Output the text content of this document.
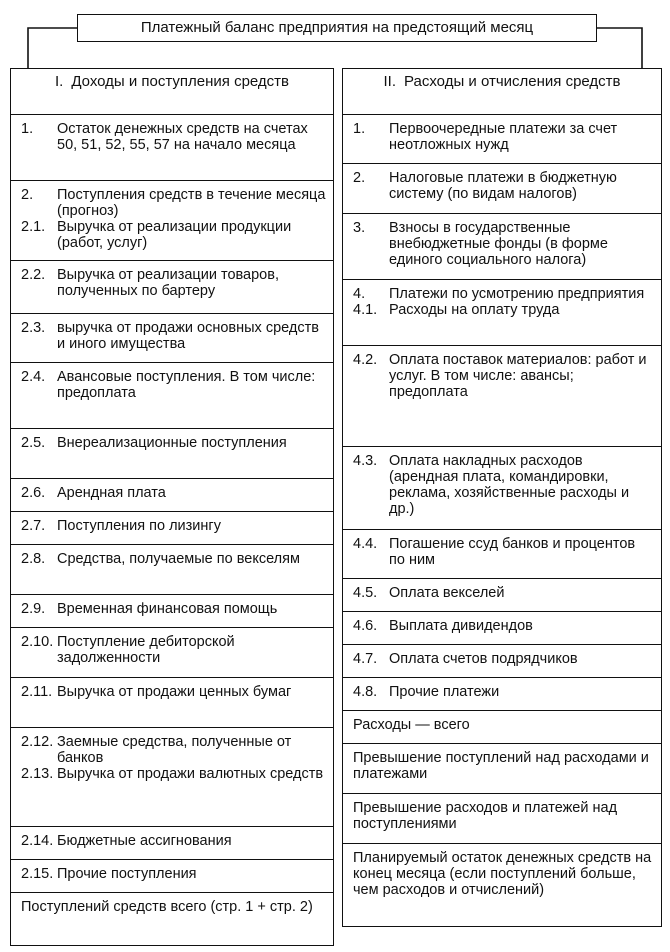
Платежный баланс предприятия на предстоящий месяц
I. Доходы и поступления средств
1.	Остаток денежных средств на счетах 50, 51, 52, 55, 57 на начало месяца
2.	Поступления средств в течение месяца (прогноз)
2.1. Выручка от реализации продукции (работ, услуг)
2.2. Выручка от реализации товаров, полученных по бартеру
2.3. выручка от продажи основных средств и иного имущества
2.4. Авансовые поступления. В том числе: предоплата
2.5. Внереализационные поступления
2.6. Арендная плата
2.7. Поступления по лизингу
2.8. Средства, получаемые по векселям
2.9. Временная финансовая помощь
2.10. Поступление дебиторской задолженности
2.11. Выручка от продажи ценных бумаг
2.12. Заемные средства, полученные от банков
2.13. Выручка от продажи валютных средств
2.14. Бюджетные ассигнования
2.15. Прочие поступления
Поступлений средств всего (стр. 1 + стр. 2)
II. Расходы и отчисления средств
1.	Первоочередные платежи за счет неотложных нужд
2.	Налоговые платежи в бюджетную систему (по видам налогов)
3.	Взносы в государственные внебюджетные фонды (в форме единого социального налога)
4.	Платежи по усмотрению предприятия
4.1. Расходы на оплату труда
4.2. Оплата поставок материалов: работ и услуг. В том числе: авансы; предоплата
4.3. Оплата накладных расходов (арендная плата, командировки, реклама, хозяйственные расходы и др.)
4.4. Погашение ссуд банков и процентов по ним
4.5. Оплата векселей
4.6. Выплата дивидендов
4.7. Оплата счетов подрядчиков
4.8. Прочие платежи
Расходы — всего
Превышение поступлений над расходами и платежами
Превышение расходов и платежей над поступлениями
Планируемый остаток денежных средств на конец месяца (если поступлений больше, чем расходов и отчислений)
